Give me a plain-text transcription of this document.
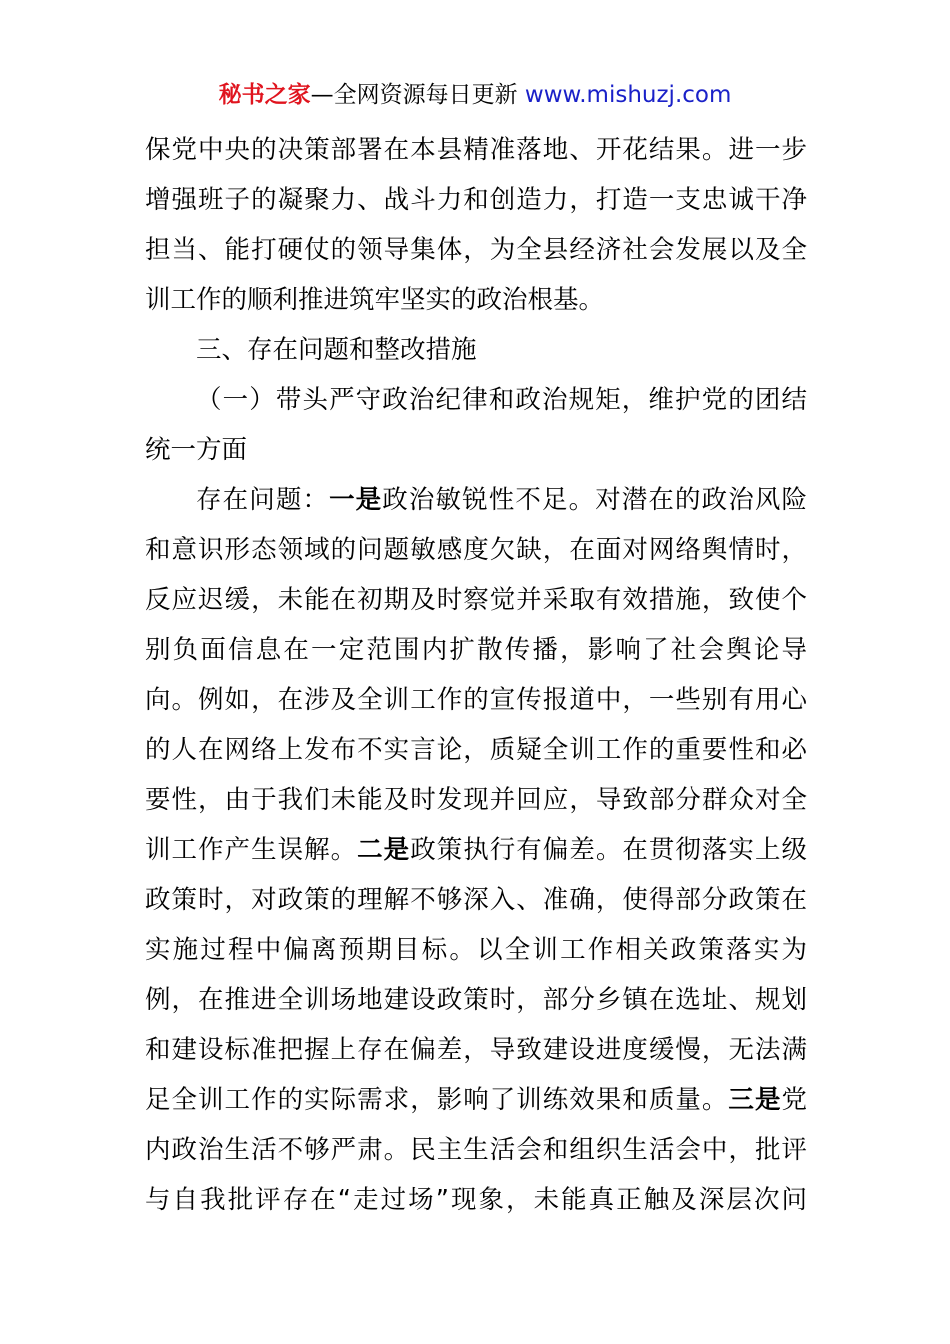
秘书之家—全网资源每日更新 www.mishuzj.com
保党中央的决策部署在本县精准落地、开花结果。进一步
增强班子的凝聚力、战斗力和创造力，打造一支忠诚干净
担当、能打硬仗的领导集体，为全县经济社会发展以及全
训工作的顺利推进筑牢坚实的政治根基。
三、存在问题和整改措施
（一）带头严守政治纪律和政治规矩，维护党的团结
统一方面
存在问题：一是政治敏锐性不足。对潜在的政治风险
和意识形态领域的问题敏感度欠缺，在面对网络舆情时，
反应迟缓，未能在初期及时察觉并采取有效措施，致使个
别负面信息在一定范围内扩散传播，影响了社会舆论导
向。例如，在涉及全训工作的宣传报道中，一些别有用心
的人在网络上发布不实言论，质疑全训工作的重要性和必
要性，由于我们未能及时发现并回应，导致部分群众对全
训工作产生误解。二是政策执行有偏差。在贯彻落实上级
政策时，对政策的理解不够深入、准确，使得部分政策在
实施过程中偏离预期目标。以全训工作相关政策落实为
例，在推进全训场地建设政策时，部分乡镇在选址、规划
和建设标准把握上存在偏差，导致建设进度缓慢，无法满
足全训工作的实际需求，影响了训练效果和质量。三是党
内政治生活不够严肃。民主生活会和组织生活会中，批评
与自我批评存在“走过场”现象，未能真正触及深层次问
